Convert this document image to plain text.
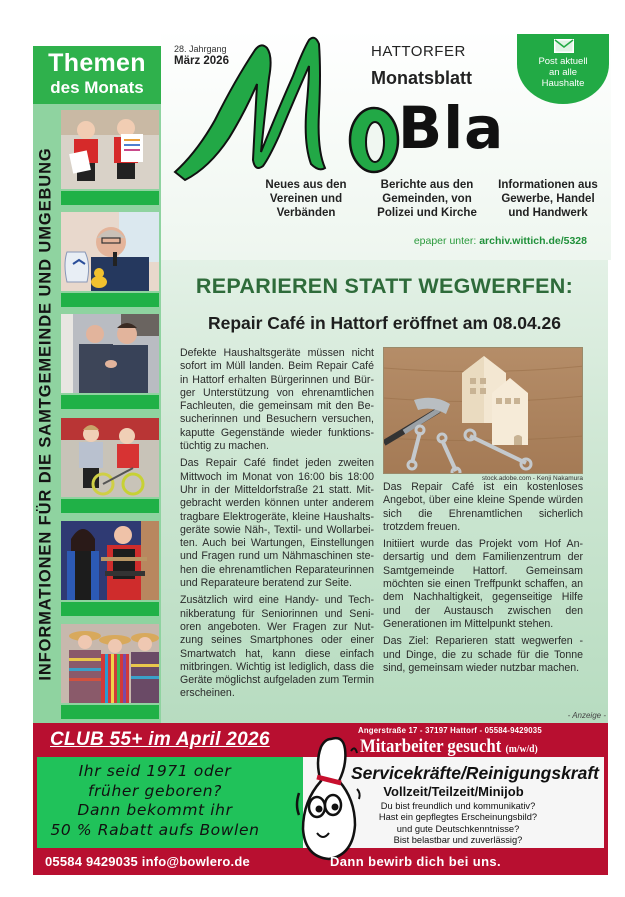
Themen
des Monats
INFORMATIONEN FÜR DIE SAMTGEMEINDE UND UMGEBUNG
28. Jahrgang
März 2026
HATTORFER
Monatsblatt
Bla
Post aktuell
an alle
Haushalte
Neues aus den
Vereinen und
Verbänden
Berichte aus den
Gemeinden, von
Polizei und Kirche
Informationen aus
Gewerbe, Handel
und Handwerk
epaper unter: archiv.wittich.de/5328
REPARIEREN STATT WEGWERFEN:
Repair Café in Hattorf eröffnet am 08.04.26

Defekte Haushaltsgeräte müssen nicht sofort im Müll landen. Beim Repair Café in Hattorf erhalten Bürgerinnen und Bürger Unterstützung von ehrenamtlichen Fachleuten, die gemeinsam mit den Besucherinnen und Besuchern versuchen, kaputte Gegenstände wieder funktionstüchtig zu machen.

Das Repair Café findet jeden zweiten Mittwoch im Monat von 16:00 bis 18:00 Uhr in der Mitteldorfstraße 21 statt. Mitgebracht werden können unter anderem tragbare Elektrogeräte, kleine Haushaltsgeräte sowie Näh-, Textil- und Wollarbeiten. Auch bei Wartungen, Einstellungen und Fragen rund um Nähmaschinen stehen die ehrenamtlichen Reparateurinnen und Reparateure beratend zur Seite.

Zusätzlich wird eine Handy- und Technikberatung für Seniorinnen und Senioren angeboten. Wer Fragen zur Nutzung seines Smartphones oder einer Smartwatch hat, kann diese einfach mitbringen. Wichtig ist lediglich, dass die Geräte möglichst aufgeladen zum Termin erscheinen.

stock.adobe.com - Kenji Nakamura

Das Repair Café ist ein kostenloses Angebot, über eine kleine Spende würden sich die Ehrenamtlichen sicherlich trotzdem freuen.

Initiiert wurde das Projekt vom Hof Andersartig und dem Familienzentrum der Samtgemeinde Hattorf. Gemeinsam möchten sie einen Treffpunkt schaffen, an dem Nachhaltigkeit, gegenseitige Hilfe und der Austausch zwischen den Generationen im Mittelpunkt stehen.

Das Ziel: Reparieren statt wegwerfen - und Dinge, die zu schade für die Tonne sind, gemeinsam wieder nutzbar machen.

- Anzeige -
CLUB 55+ im April 2026
Ihr seid 1971 oder
früher geboren?
Dann bekommt ihr
50 % Rabatt aufs Bowlen
Angerstraße 17 - 37197 Hattorf - 05584-9429035
Mitarbeiter gesucht (m/w/d)
Servicekräfte/Reinigungskraft
Vollzeit/Teilzeit/Minijob
Du bist freundlich und kommunikativ?
Hast ein gepflegtes Erscheinungsbild?
und gute Deutschkenntnisse?
Bist belastbar und zuverlässig?
05584 9429035 info@bowlero.de	Dann bewirb dich bei uns.
